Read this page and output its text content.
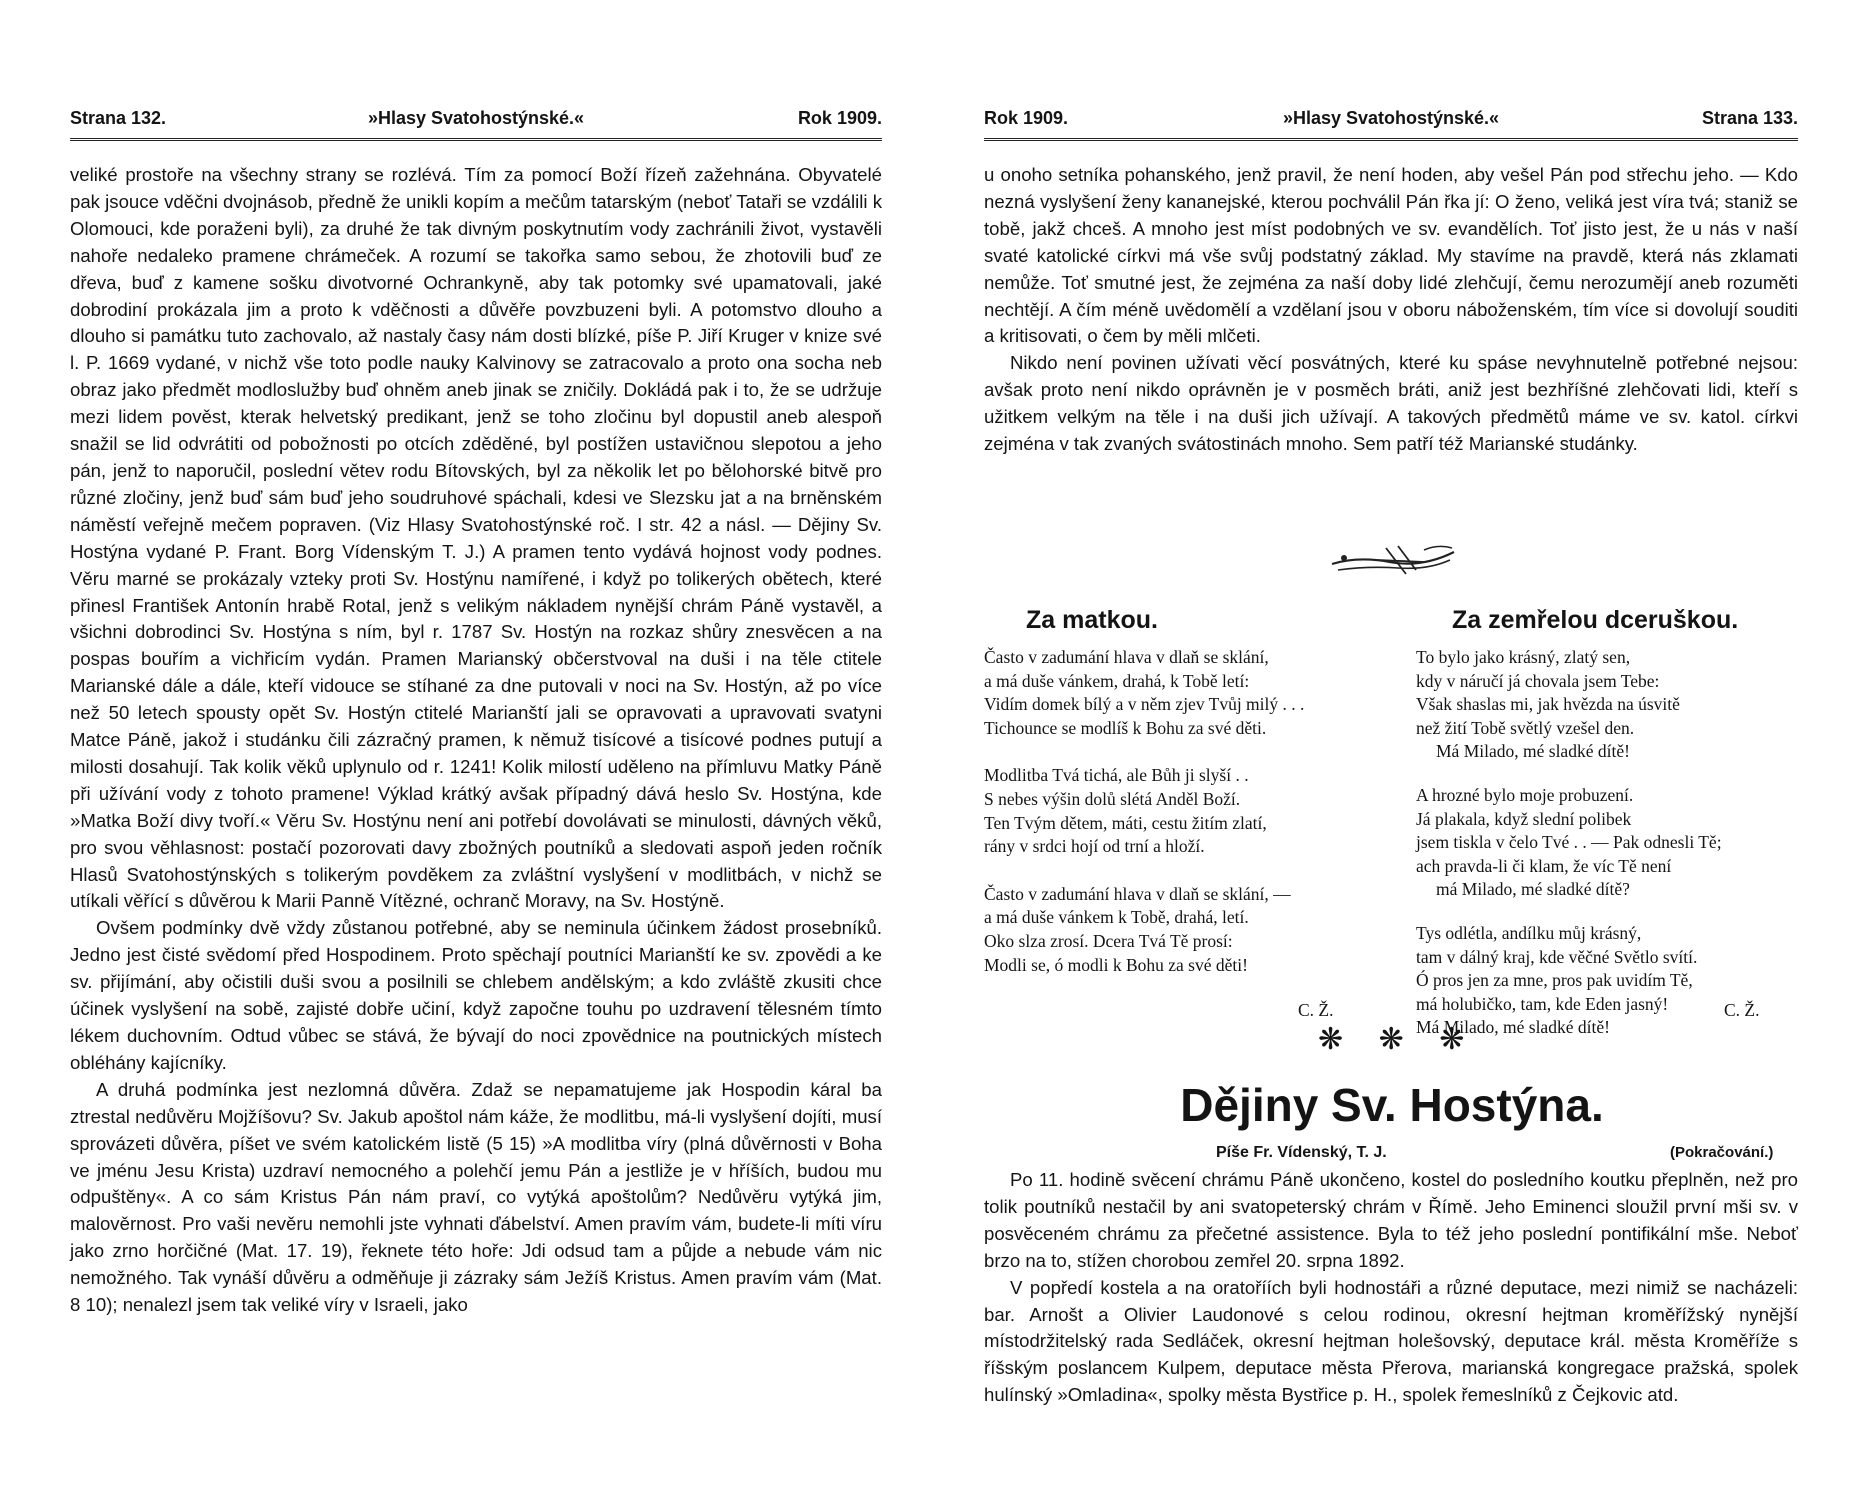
Strana 132.	»Hlasy Svatohostýnské.«	Rok 1909.

veliké prostoře na všechny strany se rozlévá. Tím za pomocí Boží řízeň zažehnána. Obyvatelé pak jsouce vděčni dvojnásob, předně že unikli kopím a mečům tatarským (neboť Tataři se vzdálili k Olomouci, kde poraženi byli), za druhé že tak divným poskytnutím vody zachránili život, vystavěli nahoře nedaleko pramene chrámeček. A rozumí se takořka samo sebou, že zhotovili buď ze dřeva, buď z kamene sošku divotvorné Ochrankyně, aby tak potomky své upamatovali, jaké dobrodiní prokázala jim a proto k vděčnosti a důvěře povzbuzeni byli. A potomstvo dlouho a dlouho si památku tuto zachovalo, až nastaly časy nám dosti blízké, píše P. Jiří Kruger v knize své l. P. 1669 vydané, v nichž vše toto podle nauky Kalvinovy se zatracovalo a proto ona socha neb obraz jako předmět modloslužby buď ohněm aneb jinak se zničily. Dokládá pak i to, že se udržuje mezi lidem pověst, kterak helvetský predikant, jenž se toho zločinu byl dopustil aneb alespoň snažil se lid odvrátiti od pobožnosti po otcích zděděné, byl postížen ustavičnou slepotou a jeho pán, jenž to naporučil, poslední větev rodu Bítovských, byl za několik let po bělohorské bitvě pro různé zločiny, jenž buď sám buď jeho soudruhové spáchali, kdesi ve Slezsku jat a na brněnském náměstí veřejně mečem popraven. (Viz Hlasy Svatohostýnské roč. I str. 42 a násl. — Dějiny Sv. Hostýna vydané P. Frant. Borg Vídenským T. J.) A pramen tento vydává hojnost vody podnes. Věru marné se prokázaly vzteky proti Sv. Hostýnu namířené, i když po tolikerých obětech, které přinesl František Antonín hrabě Rotal, jenž s velikým nákladem nynější chrám Páně vystavěl, a všichni dobrodinci Sv. Hostýna s ním, byl r. 1787 Sv. Hostýn na rozkaz shůry znesvěcen a na pospas bouřím a vichřicím vydán. Pramen Marianský občerstvoval na duši i na těle ctitele Marianské dále a dále, kteří vidouce se stíhané za dne putovali v noci na Sv. Hostýn, až po více než 50 letech spousty opět Sv. Hostýn ctitelé Marianští jali se opravovati a upravovati svatyni Matce Páně, jakož i studánku čili zázračný pramen, k němuž tisícové a tisícové podnes putují a milosti dosahují. Tak kolik věků uplynulo od r. 1241! Kolik milostí uděleno na přímluvu Matky Páně při užívání vody z tohoto pramene! Výklad krátký avšak případný dává heslo Sv. Hostýna, kde »Matka Boží divy tvoří.« Věru Sv. Hostýnu není ani potřebí dovolávati se minulosti, dávných věků, pro svou věhlasnost: postačí pozorovati davy zbožných poutníků a sledovati aspoň jeden ročník Hlasů Svatohostýnských s tolikerým povděkem za zvláštní vyslyšení v modlitbách, v nichž se utíkali věřící s důvěrou k Marii Panně Vítězné, ochranč Moravy, na Sv. Hostýně.

Ovšem podmínky dvě vždy zůstanou potřebné, aby se neminula účinkem žádost prosebníků. Jedno jest čisté svědomí před Hospodinem. Proto spěchají poutníci Marianští ke sv. zpovědi a ke sv. přijímání, aby očistili duši svou a posilnili se chlebem andělským; a kdo zvláště zkusiti chce účinek vyslyšení na sobě, zajisté dobře učiní, když započne touhu po uzdravení tělesném tímto lékem duchovním. Odtud vůbec se stává, že bývají do noci zpovědnice na poutnických místech obléhány kajícníky.

A druhá podmínka jest nezlomná důvěra. Zdaž se nepamatujeme jak Hospodin káral ba ztrestal nedůvěru Mojžíšovu? Sv. Jakub apoštol nám káže, že modlitbu, má-li vyslyšení dojíti, musí sprovázeti důvěra, píšet ve svém katolickém listě (5 15) »A modlitba víry (plná důvěrnosti v Boha ve jménu Jesu Krista) uzdraví nemocného a polehčí jemu Pán a jestliže je v hříších, budou mu odpuštěny«. A co sám Kristus Pán nám praví, co vytýká apoštolům? Nedůvěru vytýká jim, malověrnost. Pro vaši nevěru nemohli jste vyhnati ďábelství. Amen pravím vám, budete-li míti víru jako zrno horčičné (Mat. 17. 19), řeknete této hoře: Jdi odsud tam a půjde a nebude vám nic nemožného. Tak vynáší důvěru a odměňuje ji zázraky sám Ježíš Kristus. Amen pravím vám (Mat. 8 10); nenalezl jsem tak veliké víry v Israeli, jako

Rok 1909.	»Hlasy Svatohostýnské.«	Strana 133.

u onoho setníka pohanského, jenž pravil, že není hoden, aby vešel Pán pod střechu jeho. — Kdo nezná vyslyšení ženy kananejské, kterou pochválil Pán řka jí: O ženo, veliká jest víra tvá; staniž se tobě, jakž chceš. A mnoho jest míst podobných ve sv. evandělích. Toť jisto jest, že u nás v naší svaté katolické církvi má vše svůj podstatný základ. My stavíme na pravdě, která nás zklamati nemůže. Toť smutné jest, že zejména za naší doby lidé zlehčují, čemu nerozumějí aneb rozuměti nechtějí. A čím méně uvědomělí a vzdělaní jsou v oboru náboženském, tím více si dovolují souditi a kritisovati, o čem by měli mlčeti.

Nikdo není povinen užívati věcí posvátných, které ku spáse nevyhnutelně potřebné nejsou: avšak proto není nikdo oprávněn je v posměch bráti, aniž jest bezhříšné zlehčovati lidi, kteří s užitkem velkým na těle i na duši jich užívají. A takových předmětů máme ve sv. katol. církvi zejména v tak zvaných svátostinách mnoho. Sem patří též Marianské studánky.

Za matkou.
Často v zadumání hlava v dlaň se sklání,
a má duše vánkem, drahá, k Tobě letí:
Vidím domek bílý a v něm zjev Tvůj milý . . .
Tichounce se modlíš k Bohu za své děti.
Modlitba Tvá tichá, ale Bůh ji slyší . .
S nebes výšin dolů slétá Anděl Boží.
Ten Tvým dětem, máti, cestu žitím zlatí,
rány v srdci hojí od trní a hloží.
Často v zadumání hlava v dlaň se sklání, —
a má duše vánkem k Tobě, drahá, letí.
Oko slza zrosí. Dcera Tvá Tě prosí:
Modli se, ó modli k Bohu za své děti!
C. Ž.
Za zemřelou dceruškou.
To bylo jako krásný, zlatý sen,
kdy v náručí já chovala jsem Tebe:
Však shaslas mi, jak hvězda na úsvitě
než žití Tobě světlý vzešel den.
Má Milado, mé sladké dítě!
A hrozné bylo moje probuzení.
Já plakala, když slední polibek
jsem tiskla v čelo Tvé . . — Pak odnesli Tě;
ach pravda-li či klam, že víc Tě není
má Milado, mé sladké dítě?
Tys odlétla, andílku můj krásný,
tam v dálný kraj, kde věčné Světlo svítí.
Ó pros jen za mne, pros pak uvidím Tě,
má holubičko, tam, kde Eden jasný!
Má Milado, mé sladké dítě!
C. Ž.
❋ ❋ ❋
Dějiny Sv. Hostýna.
Píše Fr. Vídenský, T. J.	(Pokračování.)

Po 11. hodině svěcení chrámu Páně ukončeno, kostel do posledního koutku přeplněn, než pro tolik poutníků nestačil by ani svatopeterský chrám v Římě. Jeho Eminenci sloužil první mši sv. v posvěceném chrámu za přečetné assistence. Byla to též jeho poslední pontifikální mše. Neboť brzo na to, stížen chorobou zemřel 20. srpna 1892.

V popředí kostela a na oratoříích byli hodnostáři a různé deputace, mezi nimiž se nacházeli: bar. Arnošt a Olivier Laudonové s celou rodinou, okresní hejtman kroměřížský nynější místodržitelský rada Sedláček, okresní hejtman holešovský, deputace král. města Kroměříže s říšským poslancem Kulpem, deputace města Přerova, marianská kongregace pražská, spolek hulínský »Omladina«, spolky města Bystřice p. H., spolek řemeslníků z Čejkovic atd.
